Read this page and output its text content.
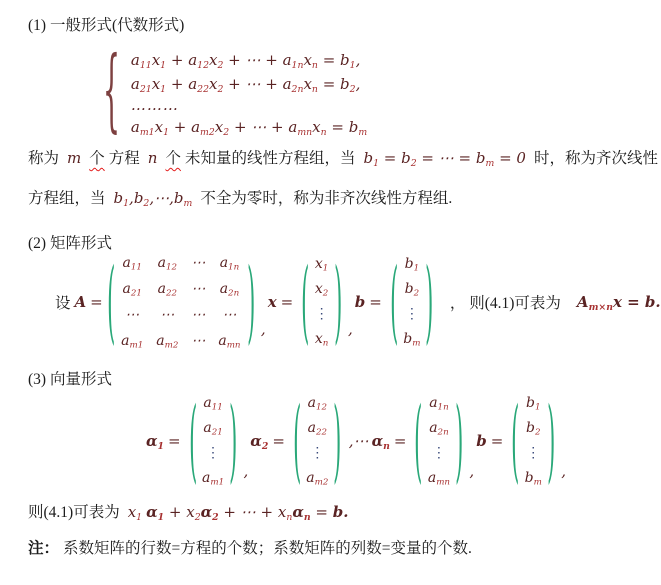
(1) 一般形式(代数形式)
{ $a_{11}x_1 + a_{12}x_2$ + ⋯ + $a_{1n}x_n = b_1$,
$a_{21}x_1 + a_{22}x_2$ + ⋯ + $a_{2n}x_n = b_2$,
………
$a_{m1}x_1 + a_{m2}x_2$ + ⋯ + $a_{mn}x_n = b_m$
称为 m 个 方程 n 个 未知量的线性方程组，当 $b_1 = b_2$ = ⋯ = $b_m = 0$ 时，称为齐次线性
方程组，当 $b_1,b_2,\cdots,b_m$ 不全为零时，称为非齐次线性方程组.
(2) 矩阵形式
设 A = ( $a_{11}$ $a_{12}$ ⋯ $a_{1n}$
$a_{21}$ $a_{22}$ ⋯ $a_{2n}$
⋯ ⋯ ⋯ ⋯
$a_{m1}$ $a_{m2}$ ⋯ $a_{mn}$ ) ,
x = ( $x_1$
$x_2$
⋮
$x_n$ ) ,
b = ( $b_1$
$b_2$
⋮
$b_m$ ) ， 则(4.1)可表为 $A_{m\times n}x = b$.
(3) 向量形式
$\alpha_1$ = ( $a_{11}$
$a_{21}$
⋮
$a_{m1}$ ) ,
$\alpha_2$ = ( $a_{12}$
$a_{22}$
⋮
$a_{m2}$ ) ,⋯ $\alpha_n$ = ( $a_{1n}$
$a_{2n}$
⋮
$a_{mn}$ ) ,
b = ( $b_1$
$b_2$
⋮
$b_m$ ) ,
则(4.1)可表为 $x_1$ $\alpha_1 + x_2\alpha_2$ + ⋯ + $x_n\alpha_n = b$.
注： 系数矩阵的行数=方程的个数；系数矩阵的列数=变量的个数.
